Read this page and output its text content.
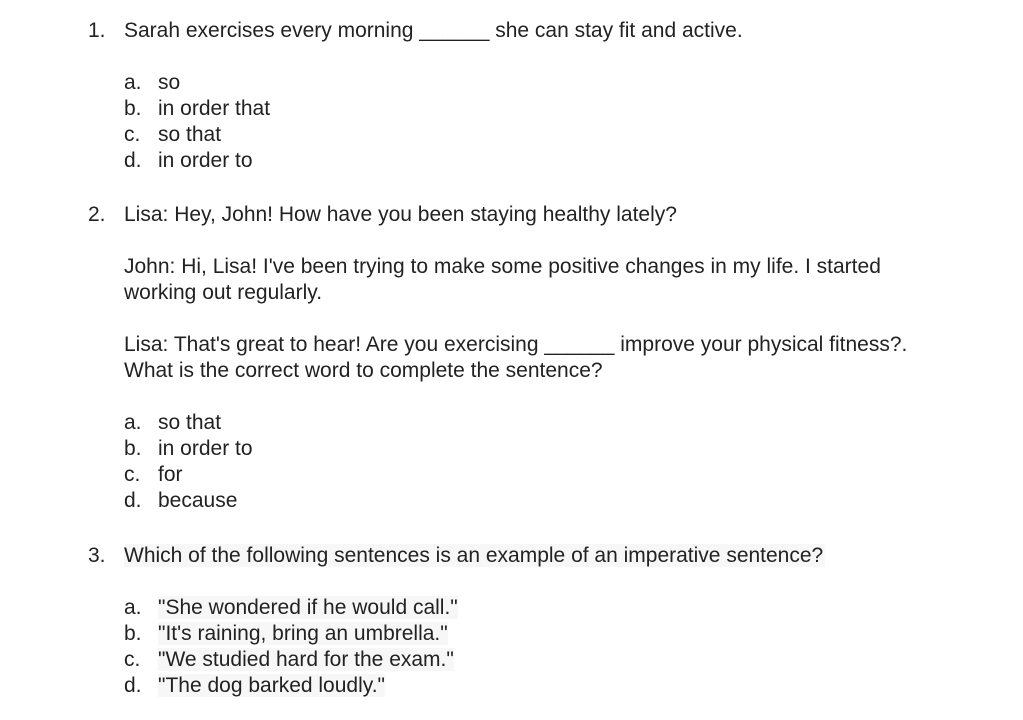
1. Sarah exercises every morning ______ she can stay fit and active.

a. so
b. in order that
c. so that
d. in order to
2. Lisa: Hey, John! How have you been staying healthy lately?

John: Hi, Lisa! I've been trying to make some positive changes in my life. I started working out regularly.

Lisa: That's great to hear! Are you exercising ______ improve your physical fitness?. What is the correct word to complete the sentence?

a. so that
b. in order to
c. for
d. because
3. Which of the following sentences is an example of an imperative sentence?

a. "She wondered if he would call."
b. "It's raining, bring an umbrella."
c. "We studied hard for the exam."
d. "The dog barked loudly."
